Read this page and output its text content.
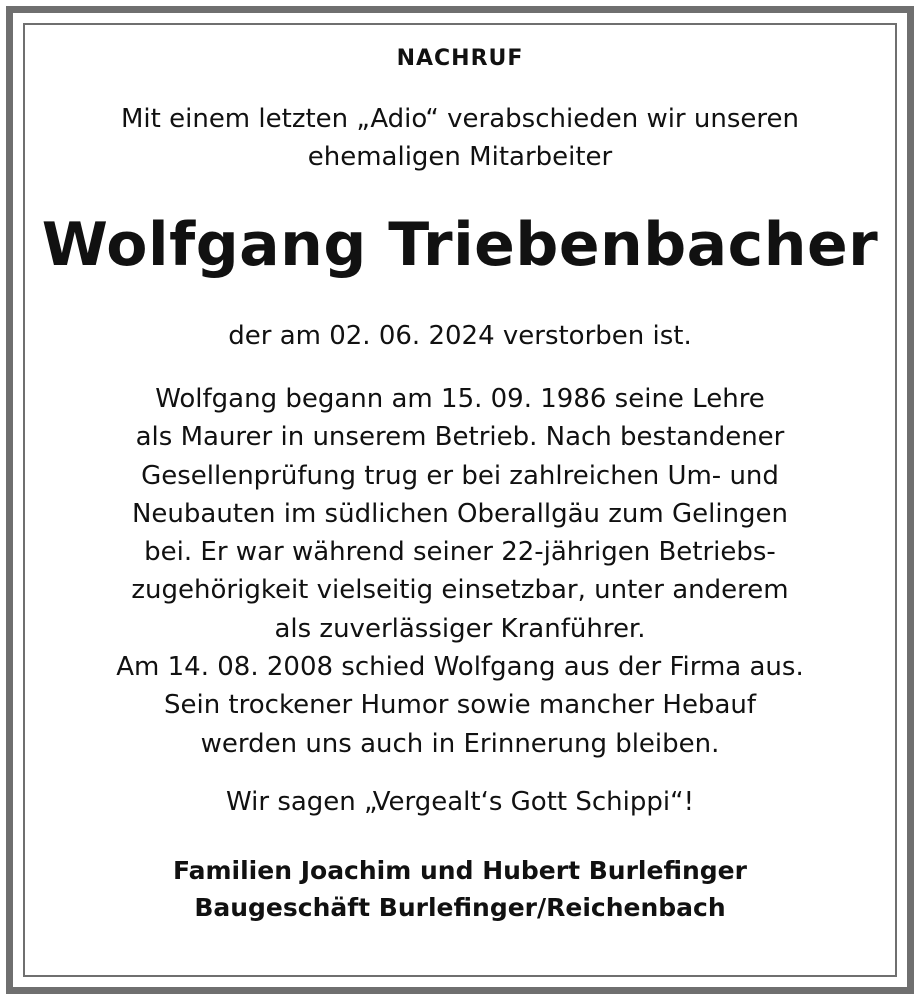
NACHRUF
Mit einem letzten „Adio“ verabschieden wir unseren
ehemaligen Mitarbeiter
Wolfgang Triebenbacher
der am 02. 06. 2024 verstorben ist.
Wolfgang begann am 15. 09. 1986 seine Lehre
als Maurer in unserem Betrieb. Nach bestandener
Gesellenprüfung trug er bei zahlreichen Um- und
Neubauten im südlichen Oberallgäu zum Gelingen
bei. Er war während seiner 22-jährigen Betriebs-
zugehörigkeit vielseitig einsetzbar, unter anderem
als zuverlässiger Kranführer.
Am 14. 08. 2008 schied Wolfgang aus der Firma aus.
Sein trockener Humor sowie mancher Hebauf
werden uns auch in Erinnerung bleiben.
Wir sagen „Vergealt‘s Gott Schippi“!
Familien Joachim und Hubert Burlefinger
Baugeschäft Burlefinger/Reichenbach
